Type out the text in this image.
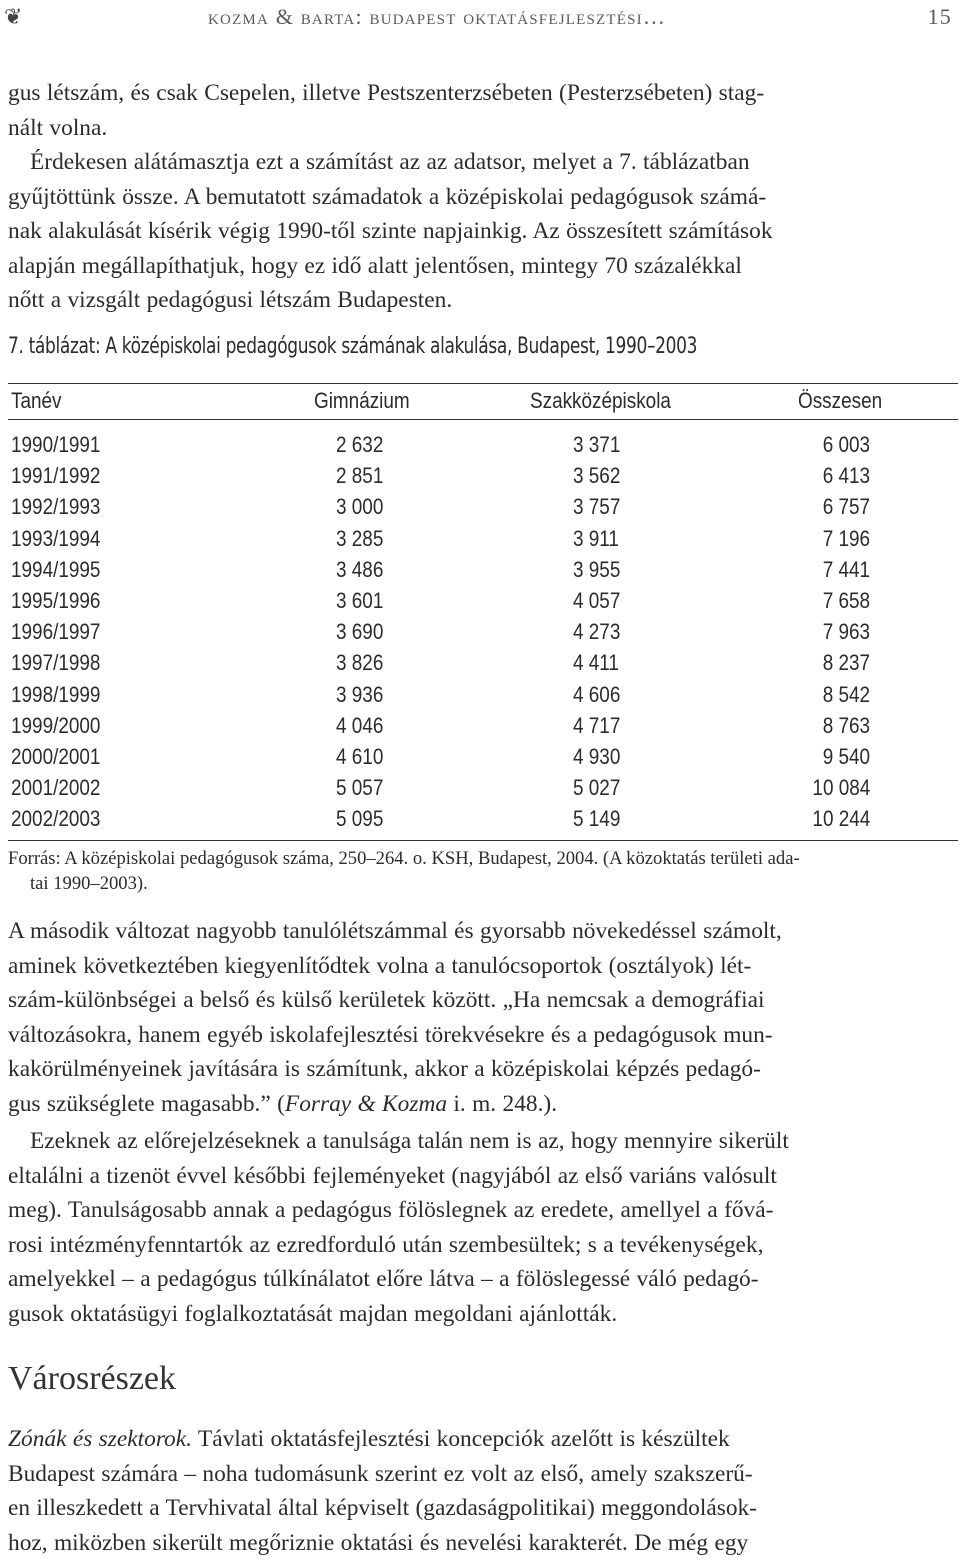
❦	kozma & barta: budapest oktatásfejlesztési…	15
gus létszám, és csak Csepelen, illetve Pestszenterzsébeten (Pesterzsébeten) stag-
nált volna.
Érdekesen alátámasztja ezt a számítást az az adatsor, melyet a 7. táblázatban
gyűjtöttünk össze. A bemutatott számadatok a középiskolai pedagógusok számá-
nak alakulását kísérik végig 1990-től szinte napjainkig. Az összesített számítások
alapján megállapíthatjuk, hogy ez idő alatt jelentősen, mintegy 70 százalékkal
nőtt a vizsgált pedagógusi létszám Budapesten.
7. táblázat: A középiskolai pedagógusok számának alakulása, Budapest, 1990–2003
Tanév	Gimnázium	Szakközépiskola	Összesen
1990/1991	2 632	3 371	6 003
1991/1992	2 851	3 562	6 413
1992/1993	3 000	3 757	6 757
1993/1994	3 285	3 911	7 196
1994/1995	3 486	3 955	7 441
1995/1996	3 601	4 057	7 658
1996/1997	3 690	4 273	7 963
1997/1998	3 826	4 411	8 237
1998/1999	3 936	4 606	8 542
1999/2000	4 046	4 717	8 763
2000/2001	4 610	4 930	9 540
2001/2002	5 057	5 027	10 084
2002/2003	5 095	5 149	10 244
Forrás: A középiskolai pedagógusok száma, 250–264. o. KSH, Budapest, 2004. (A közoktatás területi ada-
tai 1990–2003).
A második változat nagyobb tanulólétszámmal és gyorsabb növekedéssel számolt,
aminek következtében kiegyenlítődtek volna a tanulócsoportok (osztályok) lét-
szám-különbségei a belső és külső kerületek között. „Ha nemcsak a demográfiai
változásokra, hanem egyéb iskolafejlesztési törekvésekre és a pedagógusok mun-
kakörülményeinek javítására is számítunk, akkor a középiskolai képzés pedagó-
gus szükséglete magasabb.” (Forray & Kozma i. m. 248.).
Ezeknek az előrejelzéseknek a tanulsága talán nem is az, hogy mennyire sikerült
eltalálni a tizenöt évvel későbbi fejleményeket (nagyjából az első variáns valósult
meg). Tanulságosabb annak a pedagógus fölöslegnek az eredete, amellyel a fővá-
rosi intézményfenntartók az ezredforduló után szembesültek; s a tevékenységek,
amelyekkel – a pedagógus túlkínálatot előre látva – a fölöslegessé váló pedagó-
gusok oktatásügyi foglalkoztatását majdan megoldani ajánlották.
Városrészek
Zónák és szektorok. Távlati oktatásfejlesztési koncepciók azelőtt is készültek
Budapest számára – noha tudomásunk szerint ez volt az első, amely szakszerű-
en illeszkedett a Tervhivatal által képviselt (gazdaságpolitikai) meggondolások-
hoz, miközben sikerült megőriznie oktatási és nevelési karakterét. De még egy
